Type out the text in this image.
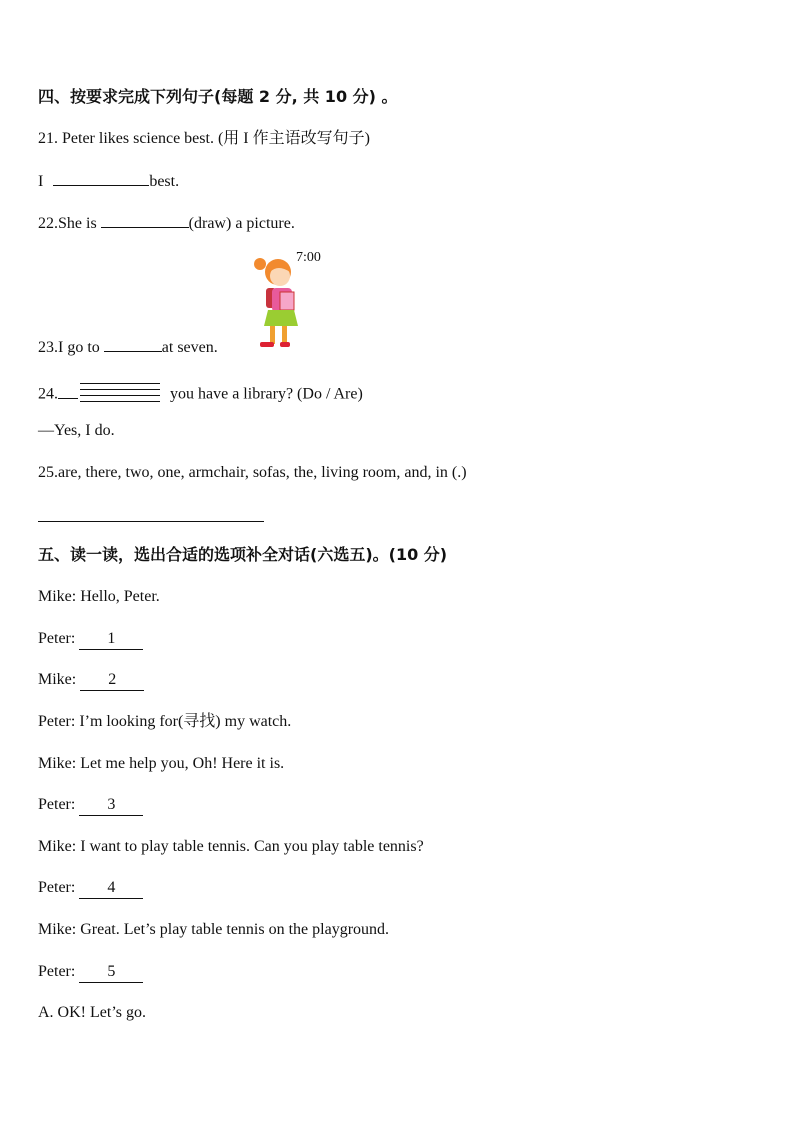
四、按要求完成下列句子(每题 2 分, 共 10 分) 。
21. Peter likes science best. (用 I 作主语改写句子)
I	best.
22.She is	(draw) a picture.
7:00
23.I go to	at seven.
24.	you have a library? (Do / Are)
—Yes, I do.
25.are, there, two, one, armchair, sofas, the, living room, and, in (.)
五、读一读，选出合适的选项补全对话(六选五)。(10 分)
Mike: Hello, Peter.
Peter: 1
Mike: 2
Peter: I’m looking for(寻找) my watch.
Mike: Let me help you, Oh! Here it is.
Peter: 3
Mike: I want to play table tennis. Can you play table tennis?
Peter: 4
Mike: Great. Let’s play table tennis on the playground.
Peter: 5
A. OK! Let’s go.
